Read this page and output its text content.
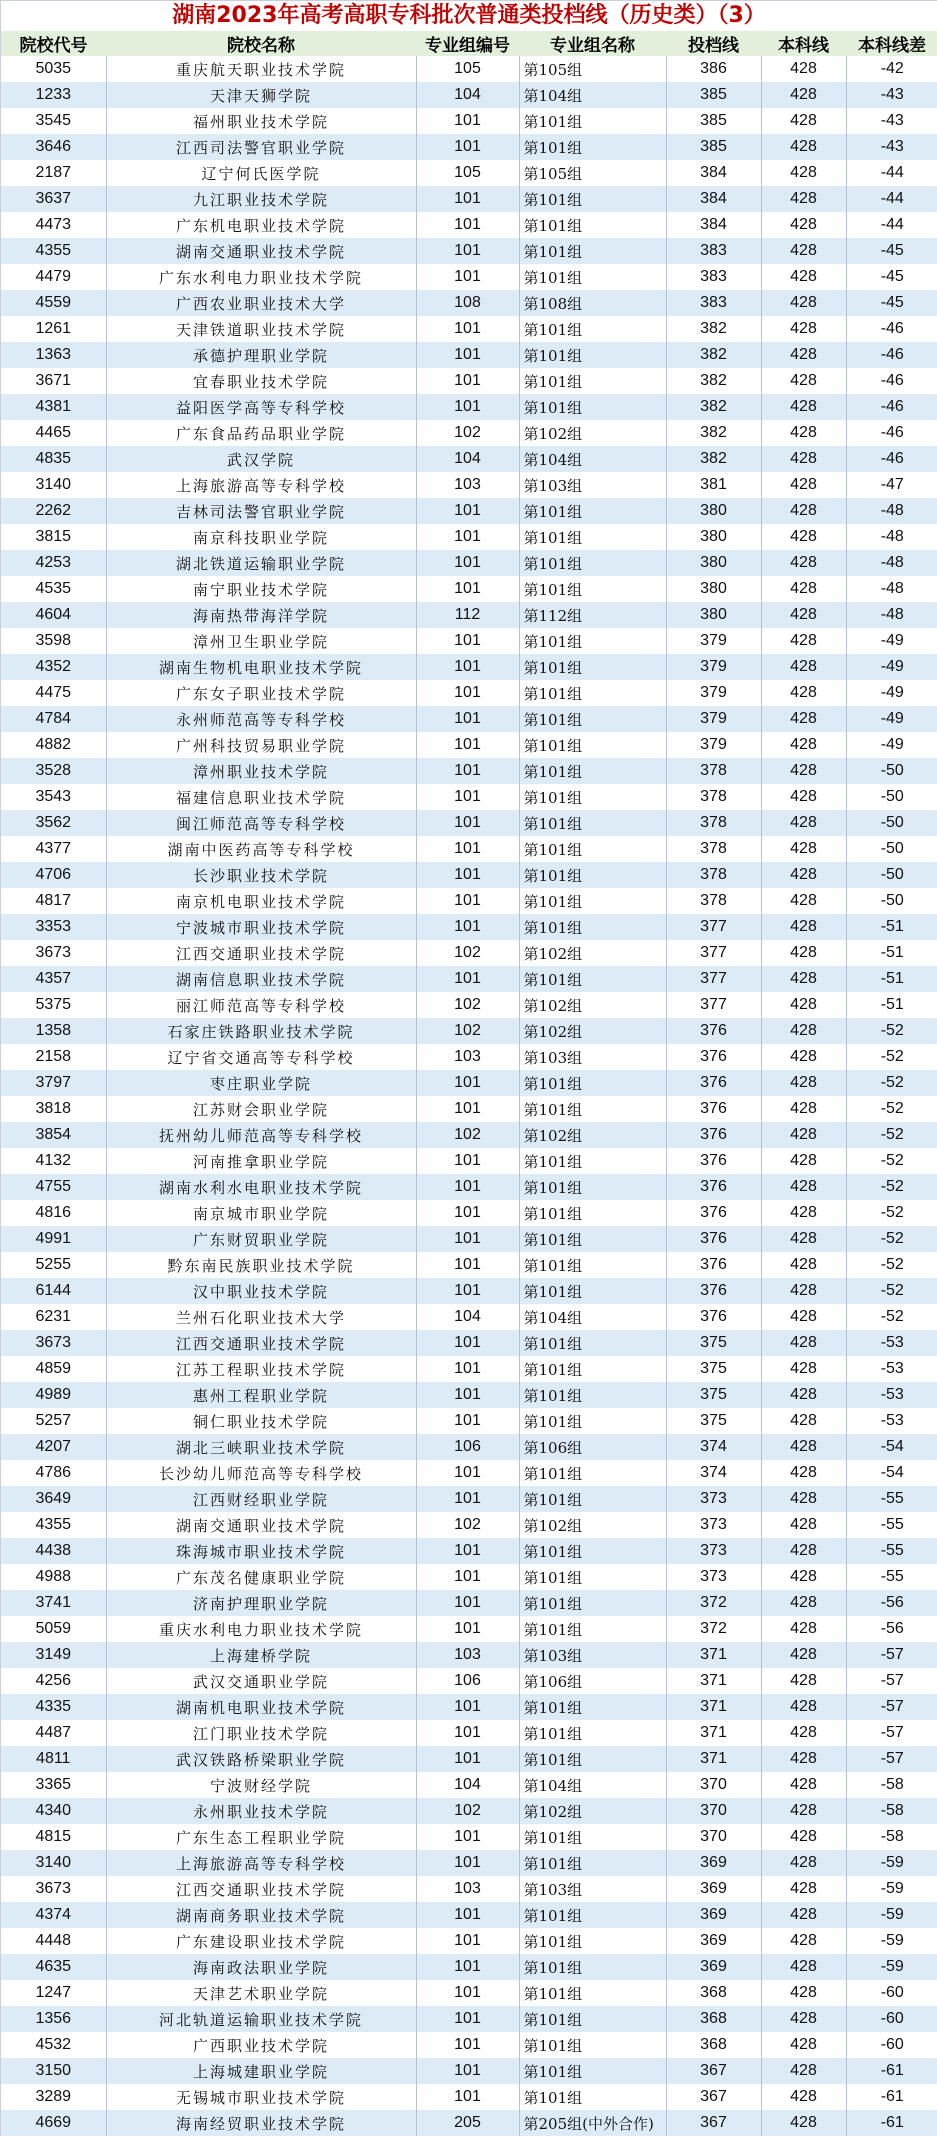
湖南2023年高考高职专科批次普通类投档线（历史类）（3）
院校代号	院校名称	专业组编号	专业组名称	投档线	本科线	本科线差
5035	重庆航天职业技术学院	105	第105组	386	428	-42
1233	天津天狮学院	104	第104组	385	428	-43
3545	福州职业技术学院	101	第101组	385	428	-43
3646	江西司法警官职业学院	101	第101组	385	428	-43
2187	辽宁何氏医学院	105	第105组	384	428	-44
3637	九江职业技术学院	101	第101组	384	428	-44
4473	广东机电职业技术学院	101	第101组	384	428	-44
4355	湖南交通职业技术学院	101	第101组	383	428	-45
4479	广东水利电力职业技术学院	101	第101组	383	428	-45
4559	广西农业职业技术大学	108	第108组	383	428	-45
1261	天津铁道职业技术学院	101	第101组	382	428	-46
1363	承德护理职业学院	101	第101组	382	428	-46
3671	宜春职业技术学院	101	第101组	382	428	-46
4381	益阳医学高等专科学校	101	第101组	382	428	-46
4465	广东食品药品职业学院	102	第102组	382	428	-46
4835	武汉学院	104	第104组	382	428	-46
3140	上海旅游高等专科学校	103	第103组	381	428	-47
2262	吉林司法警官职业学院	101	第101组	380	428	-48
3815	南京科技职业学院	101	第101组	380	428	-48
4253	湖北铁道运输职业学院	101	第101组	380	428	-48
4535	南宁职业技术学院	101	第101组	380	428	-48
4604	海南热带海洋学院	112	第112组	380	428	-48
3598	漳州卫生职业学院	101	第101组	379	428	-49
4352	湖南生物机电职业技术学院	101	第101组	379	428	-49
4475	广东女子职业技术学院	101	第101组	379	428	-49
4784	永州师范高等专科学校	101	第101组	379	428	-49
4882	广州科技贸易职业学院	101	第101组	379	428	-49
3528	漳州职业技术学院	101	第101组	378	428	-50
3543	福建信息职业技术学院	101	第101组	378	428	-50
3562	闽江师范高等专科学校	101	第101组	378	428	-50
4377	湖南中医药高等专科学校	101	第101组	378	428	-50
4706	长沙职业技术学院	101	第101组	378	428	-50
4817	南京机电职业技术学院	101	第101组	378	428	-50
3353	宁波城市职业技术学院	101	第101组	377	428	-51
3673	江西交通职业技术学院	102	第102组	377	428	-51
4357	湖南信息职业技术学院	101	第101组	377	428	-51
5375	丽江师范高等专科学校	102	第102组	377	428	-51
1358	石家庄铁路职业技术学院	102	第102组	376	428	-52
2158	辽宁省交通高等专科学校	103	第103组	376	428	-52
3797	枣庄职业学院	101	第101组	376	428	-52
3818	江苏财会职业学院	101	第101组	376	428	-52
3854	抚州幼儿师范高等专科学校	102	第102组	376	428	-52
4132	河南推拿职业学院	101	第101组	376	428	-52
4755	湖南水利水电职业技术学院	101	第101组	376	428	-52
4816	南京城市职业学院	101	第101组	376	428	-52
4991	广东财贸职业学院	101	第101组	376	428	-52
5255	黔东南民族职业技术学院	101	第101组	376	428	-52
6144	汉中职业技术学院	101	第101组	376	428	-52
6231	兰州石化职业技术大学	104	第104组	376	428	-52
3673	江西交通职业技术学院	101	第101组	375	428	-53
4859	江苏工程职业技术学院	101	第101组	375	428	-53
4989	惠州工程职业学院	101	第101组	375	428	-53
5257	铜仁职业技术学院	101	第101组	375	428	-53
4207	湖北三峡职业技术学院	106	第106组	374	428	-54
4786	长沙幼儿师范高等专科学校	101	第101组	374	428	-54
3649	江西财经职业学院	101	第101组	373	428	-55
4355	湖南交通职业技术学院	102	第102组	373	428	-55
4438	珠海城市职业技术学院	101	第101组	373	428	-55
4988	广东茂名健康职业学院	101	第101组	373	428	-55
3741	济南护理职业学院	101	第101组	372	428	-56
5059	重庆水利电力职业技术学院	101	第101组	372	428	-56
3149	上海建桥学院	103	第103组	371	428	-57
4256	武汉交通职业学院	106	第106组	371	428	-57
4335	湖南机电职业技术学院	101	第101组	371	428	-57
4487	江门职业技术学院	101	第101组	371	428	-57
4811	武汉铁路桥梁职业学院	101	第101组	371	428	-57
3365	宁波财经学院	104	第104组	370	428	-58
4340	永州职业技术学院	102	第102组	370	428	-58
4815	广东生态工程职业学院	101	第101组	370	428	-58
3140	上海旅游高等专科学校	101	第101组	369	428	-59
3673	江西交通职业技术学院	103	第103组	369	428	-59
4374	湖南商务职业技术学院	101	第101组	369	428	-59
4448	广东建设职业技术学院	101	第101组	369	428	-59
4635	海南政法职业学院	101	第101组	369	428	-59
1247	天津艺术职业学院	101	第101组	368	428	-60
1356	河北轨道运输职业技术学院	101	第101组	368	428	-60
4532	广西职业技术学院	101	第101组	368	428	-60
3150	上海城建职业学院	101	第101组	367	428	-61
3289	无锡城市职业技术学院	101	第101组	367	428	-61
4669	海南经贸职业技术学院	205	第205组(中外合作)	367	428	-61
